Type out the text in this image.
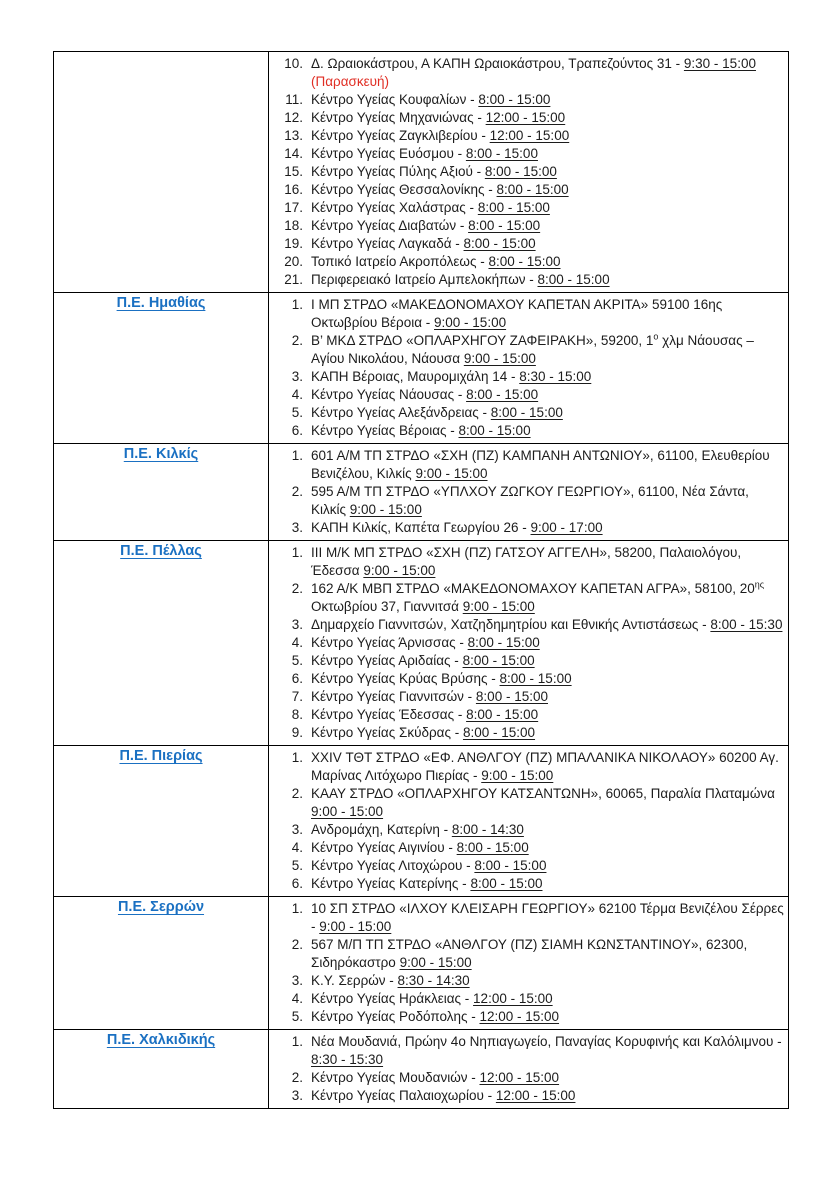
10. Δ. Ωραιοκάστρου, Α ΚΑΠΗ Ωραιοκάστρου, Τραπεζούντος 31 - 9:30 - 15:00
(Παρασκευή)
11. Κέντρο Υγείας Κουφαλίων - 8:00 - 15:00
12. Κέντρο Υγείας Μηχανιώνας - 12:00 - 15:00
13. Κέντρο Υγείας Ζαγκλιβερίου - 12:00 - 15:00
14. Κέντρο Υγείας Ευόσμου - 8:00 - 15:00
15. Κέντρο Υγείας Πύλης Αξιού - 8:00 - 15:00
16. Κέντρο Υγείας Θεσσαλονίκης - 8:00 - 15:00
17. Κέντρο Υγείας Χαλάστρας - 8:00 - 15:00
18. Κέντρο Υγείας Διαβατών - 8:00 - 15:00
19. Κέντρο Υγείας Λαγκαδά - 8:00 - 15:00
20. Τοπικό Ιατρείο Ακροπόλεως - 8:00 - 15:00
21. Περιφερειακό Ιατρείο Αμπελοκήπων - 8:00 - 15:00

Π.Ε. Ημαθίας	1. Ι ΜΠ ΣΤΡΔΟ «ΜΑΚΕΔΟΝΟΜΑΧΟΥ ΚΑΠΕΤΑΝ ΑΚΡΙΤΑ» 59100 16ης Οκτωβρίου Βέροια - 9:00 - 15:00
2. Β’ ΜΚΔ ΣΤΡΔΟ «ΟΠΛΑΡΧΗΓΟΥ ΖΑΦΕΙΡΑΚΗ», 59200, $1^o$ χλμ Νάουσας – Αγίου Νικολάου, Νάουσα 9:00 - 15:00
3. ΚΑΠΗ Βέροιας, Μαυρομιχάλη 14 - 8:30 - 15:00
4. Κέντρο Υγείας Νάουσας - 8:00 - 15:00
5. Κέντρο Υγείας Αλεξάνδρειας - 8:00 - 15:00
6. Κέντρο Υγείας Βέροιας - 8:00 - 15:00

Π.Ε. Κιλκίς	1. 601 Α/Μ ΤΠ ΣΤΡΔΟ «ΣΧΗ (ΠΖ) ΚΑΜΠΑΝΗ ΑΝΤΩΝΙΟΥ», 61100, Ελευθερίου Βενιζέλου, Κιλκίς 9:00 - 15:00
2. 595 Α/Μ ΤΠ ΣΤΡΔΟ «ΥΠΛΧΟΥ ΖΩΓΚΟΥ ΓΕΩΡΓΙΟΥ», 61100, Νέα Σάντα, Κιλκίς 9:00 - 15:00
3. ΚΑΠΗ Κιλκίς, Καπέτα Γεωργίου 26 - 9:00 - 17:00

Π.Ε. Πέλλας	1. ΙΙΙ Μ/Κ ΜΠ ΣΤΡΔΟ «ΣΧΗ (ΠΖ) ΓΑΤΣΟΥ ΑΓΓΕΛΗ», 58200, Παλαιολόγου, Έδεσσα 9:00 - 15:00
2. 162 Α/Κ ΜΒΠ ΣΤΡΔΟ «ΜΑΚΕΔΟΝΟΜΑΧΟΥ ΚΑΠΕΤΑΝ ΑΓΡΑ», 58100, $20^{\eta\varsigma}$ Οκτωβρίου 37, Γιαννιτσά 9:00 - 15:00
3. Δημαρχείο Γιαννιτσών, Χατζηδημητρίου και Εθνικής Αντιστάσεως - 8:00 - 15:30
4. Κέντρο Υγείας Άρνισσας - 8:00 - 15:00
5. Κέντρο Υγείας Αριδαίας - 8:00 - 15:00
6. Κέντρο Υγείας Κρύας Βρύσης - 8:00 - 15:00
7. Κέντρο Υγείας Γιαννιτσών - 8:00 - 15:00
8. Κέντρο Υγείας Έδεσσας - 8:00 - 15:00
9. Κέντρο Υγείας Σκύδρας - 8:00 - 15:00

Π.Ε. Πιερίας	1. XXIV ΤΘΤ ΣΤΡΔΟ «ΕΦ. ΑΝΘΛΓΟΥ (ΠΖ) ΜΠΑΛΑΝΙΚΑ ΝΙΚΟΛΑΟΥ» 60200 Αγ. Μαρίνας Λιτόχωρο Πιερίας - 9:00 - 15:00
2. ΚΑΑΥ ΣΤΡΔΟ «ΟΠΛΑΡΧΗΓΟΥ ΚΑΤΣΑΝΤΩΝΗ», 60065, Παραλία Πλαταμώνα 9:00 - 15:00
3. Ανδρομάχη, Κατερίνη - 8:00 - 14:30
4. Κέντρο Υγείας Αιγινίου - 8:00 - 15:00
5. Κέντρο Υγείας Λιτοχώρου - 8:00 - 15:00
6. Κέντρο Υγείας Κατερίνης - 8:00 - 15:00

Π.Ε. Σερρών	1. 10 ΣΠ ΣΤΡΔΟ «ΙΛΧΟΥ ΚΛΕΙΣΑΡΗ ΓΕΩΡΓΙΟΥ» 62100 Τέρμα Βενιζέλου Σέρρες - 9:00 - 15:00
2. 567 Μ/Π ΤΠ ΣΤΡΔΟ «ΑΝΘΛΓΟΥ (ΠΖ) ΣΙΑΜΗ ΚΩΝΣΤΑΝΤΙΝΟΥ», 62300, Σιδηρόκαστρο 9:00 - 15:00
3. Κ.Υ. Σερρών - 8:30 - 14:30
4. Κέντρο Υγείας Ηράκλειας - 12:00 - 15:00
5. Κέντρο Υγείας Ροδόπολης - 12:00 - 15:00

Π.Ε. Χαλκιδικής	1. Νέα Μουδανιά, Πρώην 4ο Νηπιαγωγείο, Παναγίας Κορυφινής και Καλόλιμνου - 8:30 - 15:30
2. Κέντρο Υγείας Μουδανιών - 12:00 - 15:00
3. Κέντρο Υγείας Παλαιοχωρίου - 12:00 - 15:00
